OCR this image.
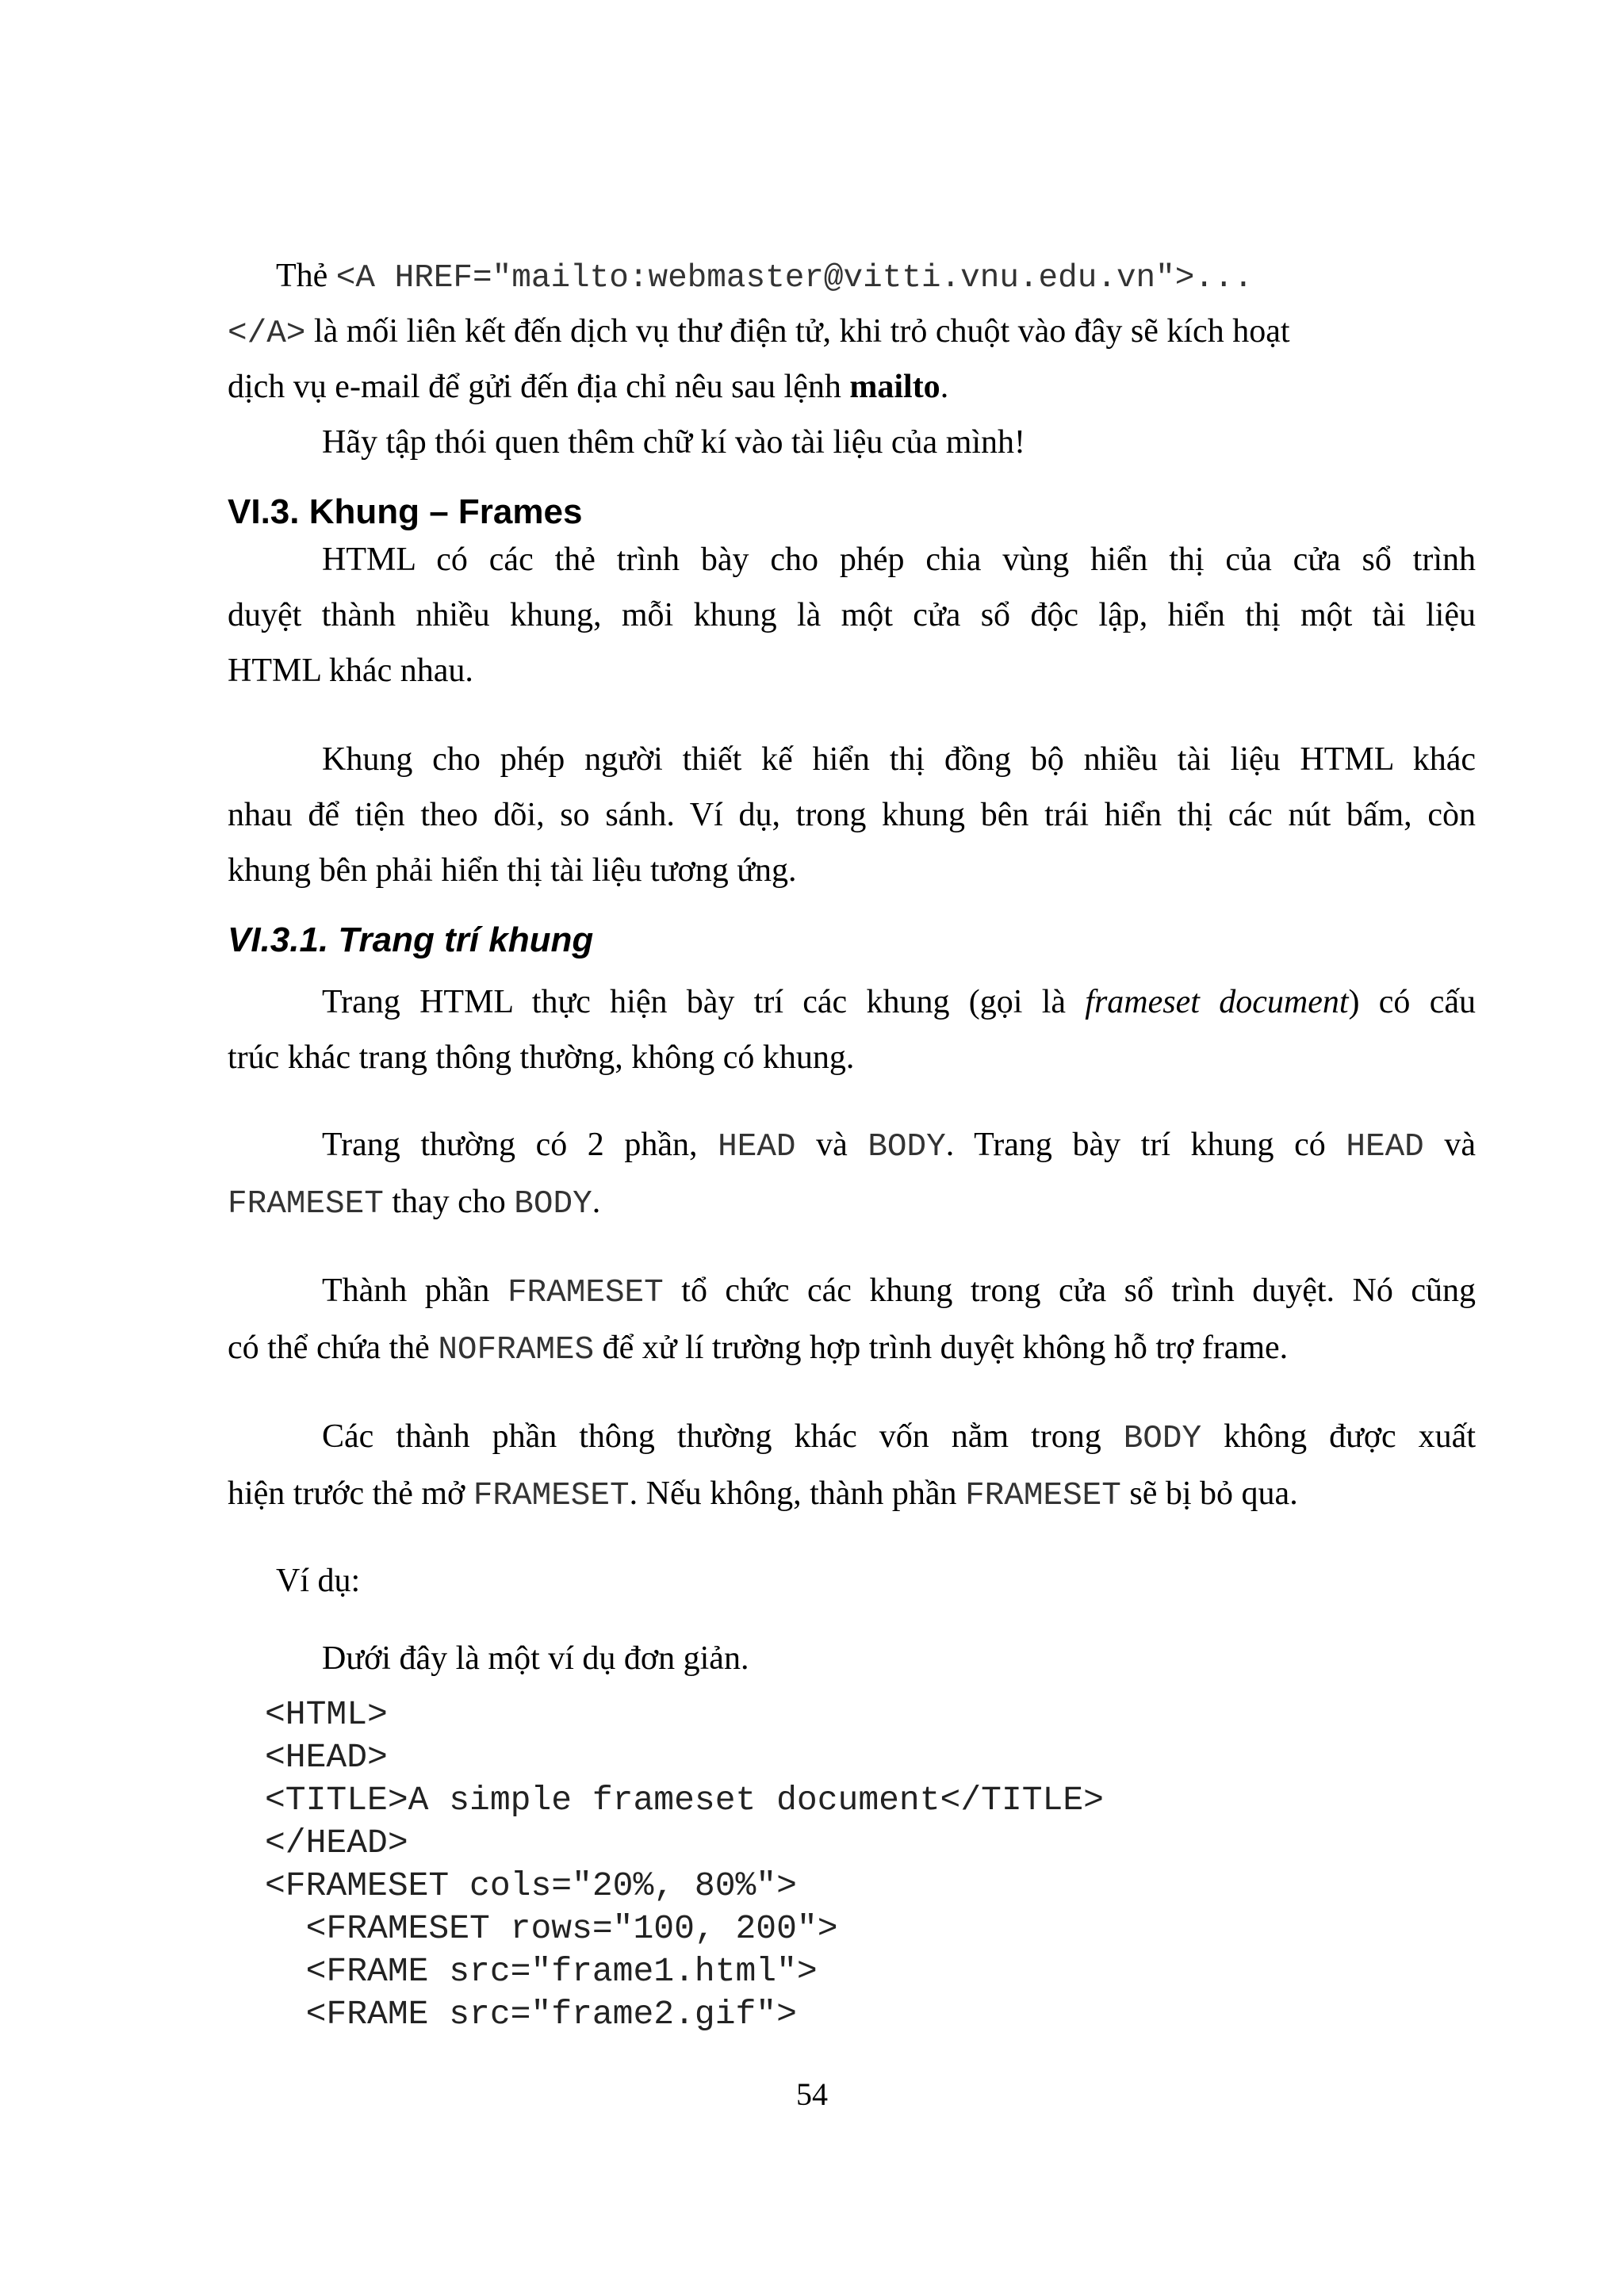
Thẻ <A HREF="mailto:webmaster@vitti.vnu.edu.vn">...
</A> là mối liên kết đến dịch vụ thư điện tử, khi trỏ chuột vào đây sẽ kích hoạt
dịch vụ e-mail để gửi đến địa chỉ nêu sau lệnh mailto.
Hãy tập thói quen thêm chữ kí vào tài liệu của mình!
VI.3. Khung – Frames
HTML có các thẻ trình bày cho phép chia vùng hiển thị của cửa sổ trình
duyệt thành nhiều khung, mỗi khung là một cửa sổ độc lập, hiển thị một tài liệu
HTML khác nhau.
Khung cho phép người thiết kế hiển thị đồng bộ nhiều tài liệu HTML khác
nhau để tiện theo dõi, so sánh. Ví dụ, trong khung bên trái hiển thị các nút bấm, còn
khung bên phải hiển thị tài liệu tương ứng.
VI.3.1. Trang trí khung
Trang HTML thực hiện bày trí các khung (gọi là frameset document) có cấu
trúc khác trang thông thường, không có khung.
Trang thường có 2 phần, HEAD và BODY. Trang bày trí khung có HEAD và
FRAMESET thay cho BODY.
Thành phần FRAMESET tổ chức các khung trong cửa sổ trình duyệt. Nó cũng
có thể chứa thẻ NOFRAMES để xử lí trường hợp trình duyệt không hỗ trợ frame.
Các thành phần thông thường khác vốn nằm trong BODY không được xuất
hiện trước thẻ mở FRAMESET. Nếu không, thành phần FRAMESET sẽ bị bỏ qua.
Ví dụ:
Dưới đây là một ví dụ đơn giản.
<HTML>
<HEAD>
<TITLE>A simple frameset document</TITLE>
</HEAD>
<FRAMESET cols="20%, 80%">
<FRAMESET rows="100, 200">
<FRAME src="frame1.html">
<FRAME src="frame2.gif">
54
